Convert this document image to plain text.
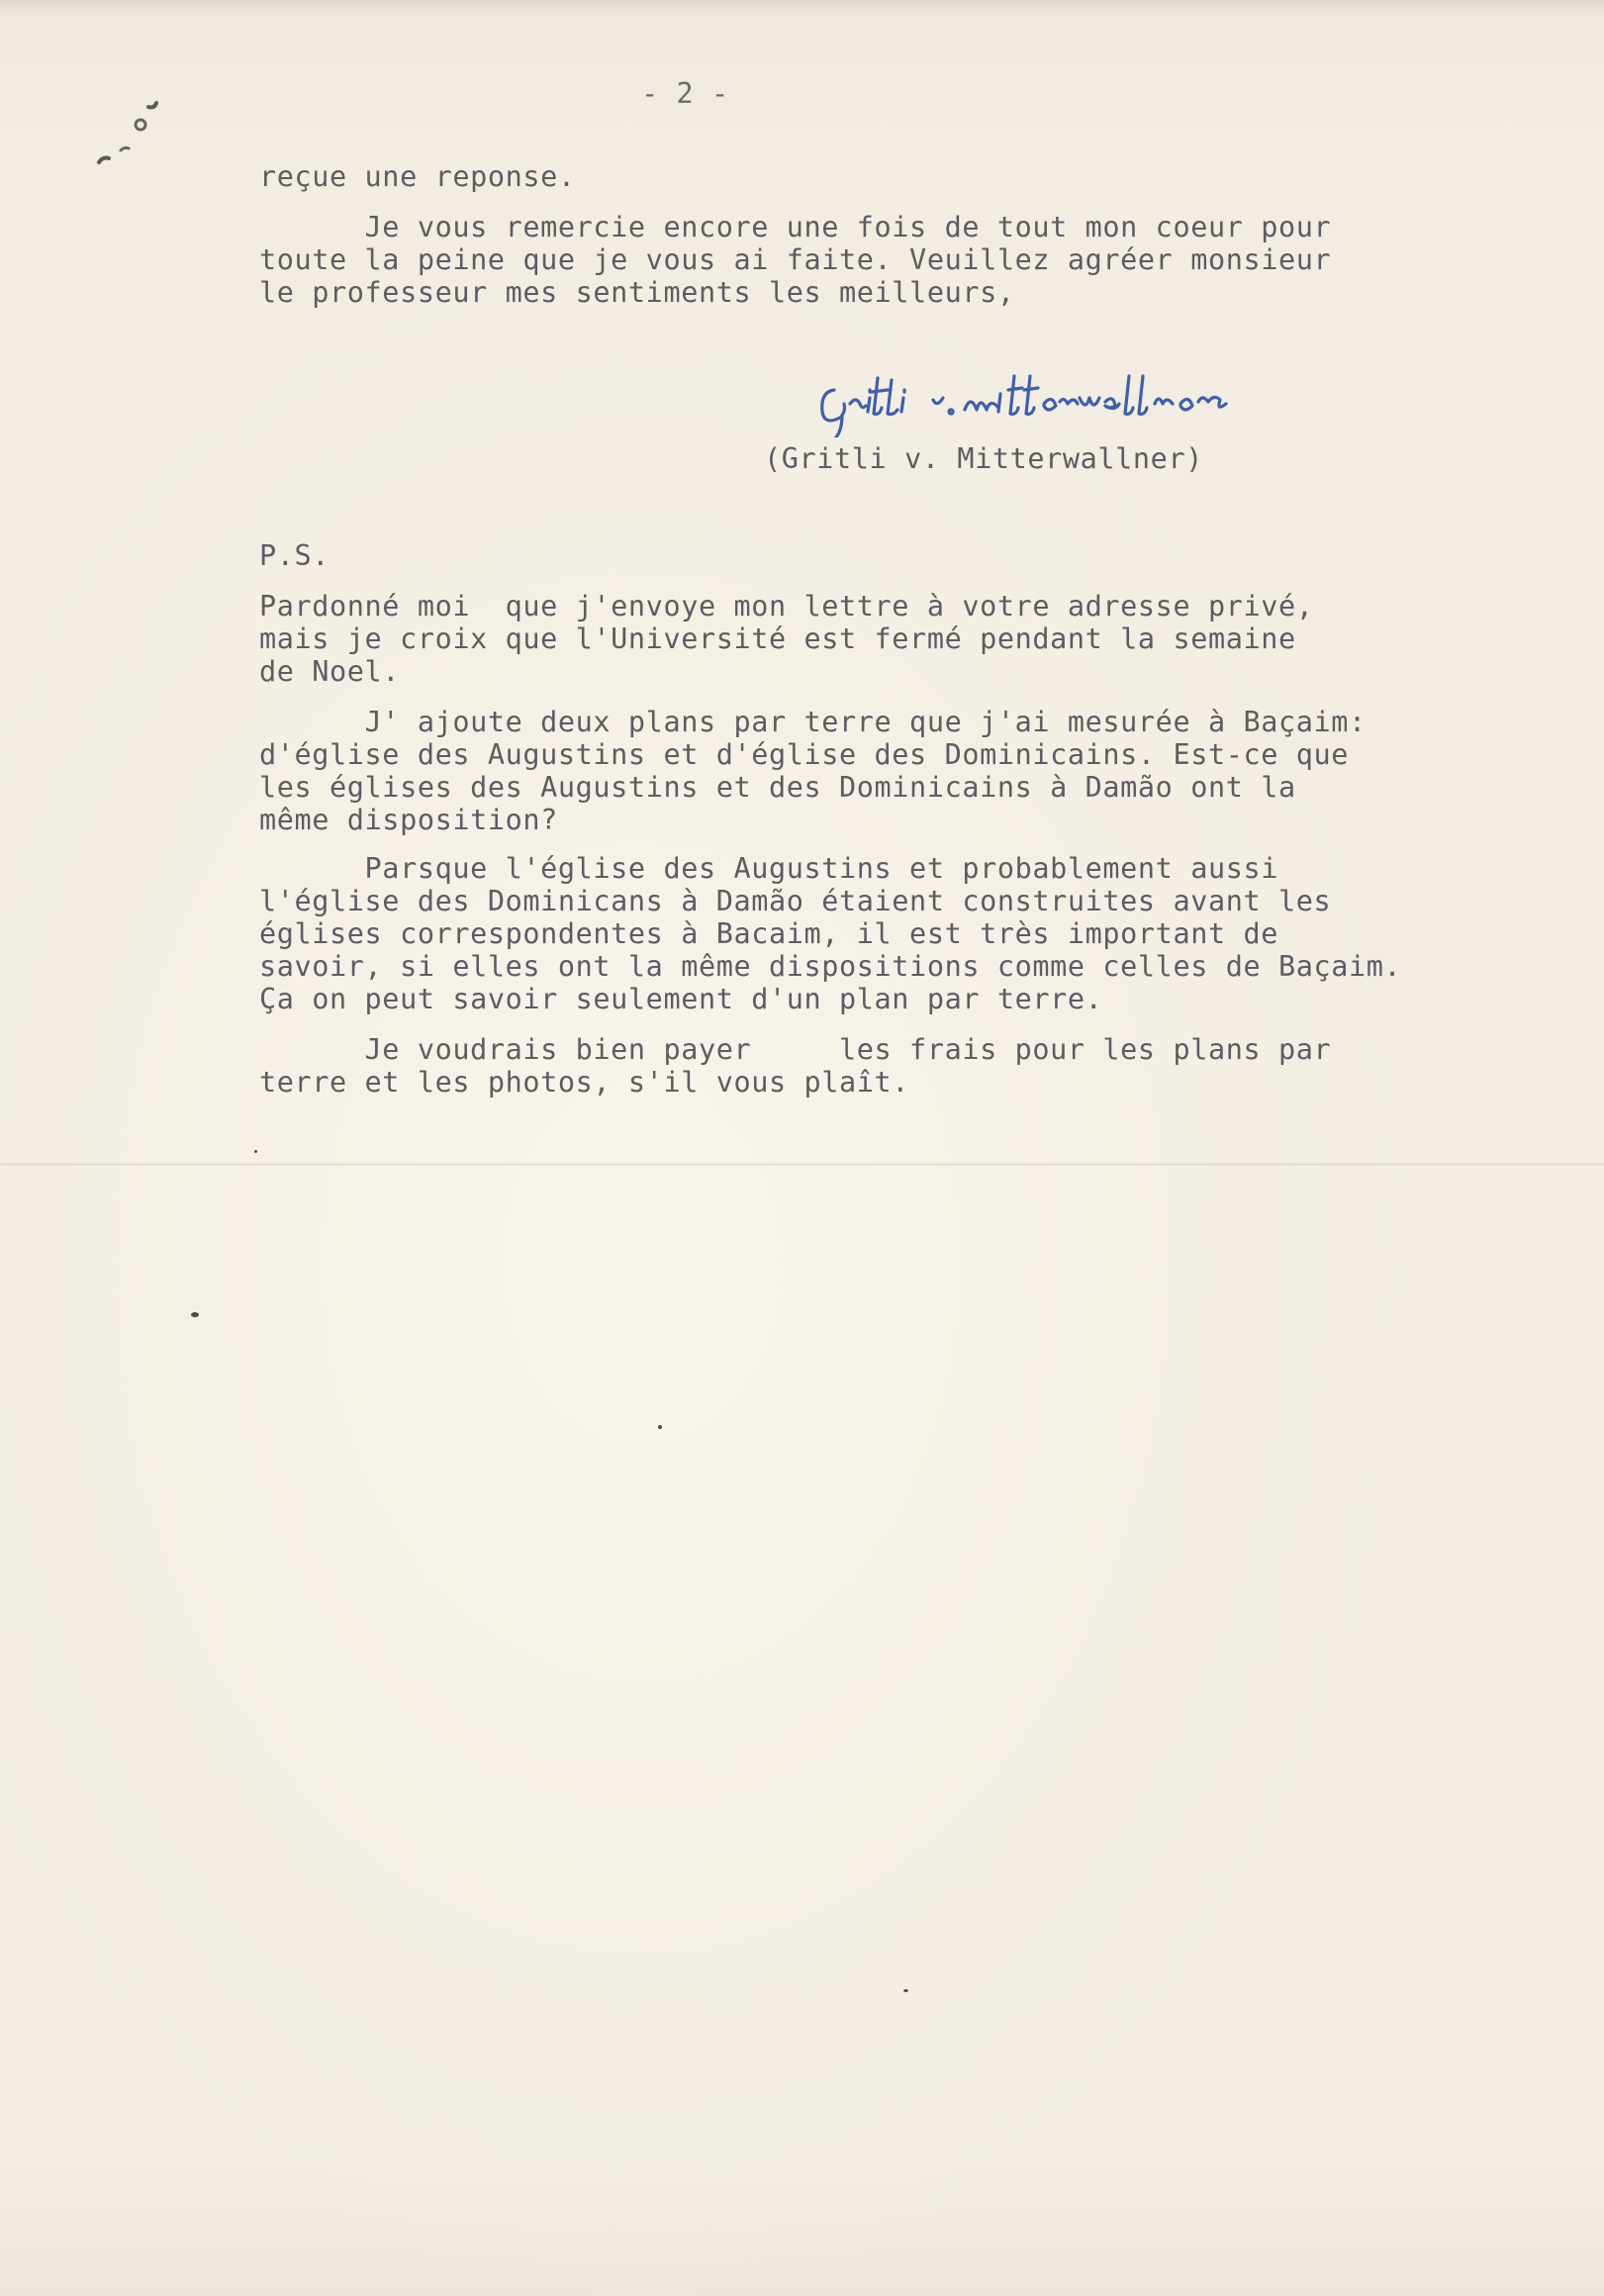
- 2 -

reçue une reponse.

Je vous remercie encore une fois de tout mon coeur pour

toute la peine que je vous ai faite. Veuillez agréer monsieur

le professeur mes sentiments les meilleurs,

(Gritli v. Mitterwallner)

P.S.

Pardonné moi  que j'envoye mon lettre à votre adresse privé,

mais je croix que l'Université est fermé pendant la semaine

de Noel.

J' ajoute deux plans par terre que j'ai mesurée à Baçaim:

d'église des Augustins et d'église des Dominicains. Est-ce que

les églises des Augustins et des Dominicains à Damão ont la

même disposition?

Parsque l'église des Augustins et probablement aussi

l'église des Dominicans à Damão étaient construites avant les

églises correspondentes à Bacaim, il est très important de

savoir, si elles ont la même dispositions comme celles de Baçaim.

Ça on peut savoir seulement d'un plan par terre.

Je voudrais bien payer     les frais pour les plans par

terre et les photos, s'il vous plaît.
